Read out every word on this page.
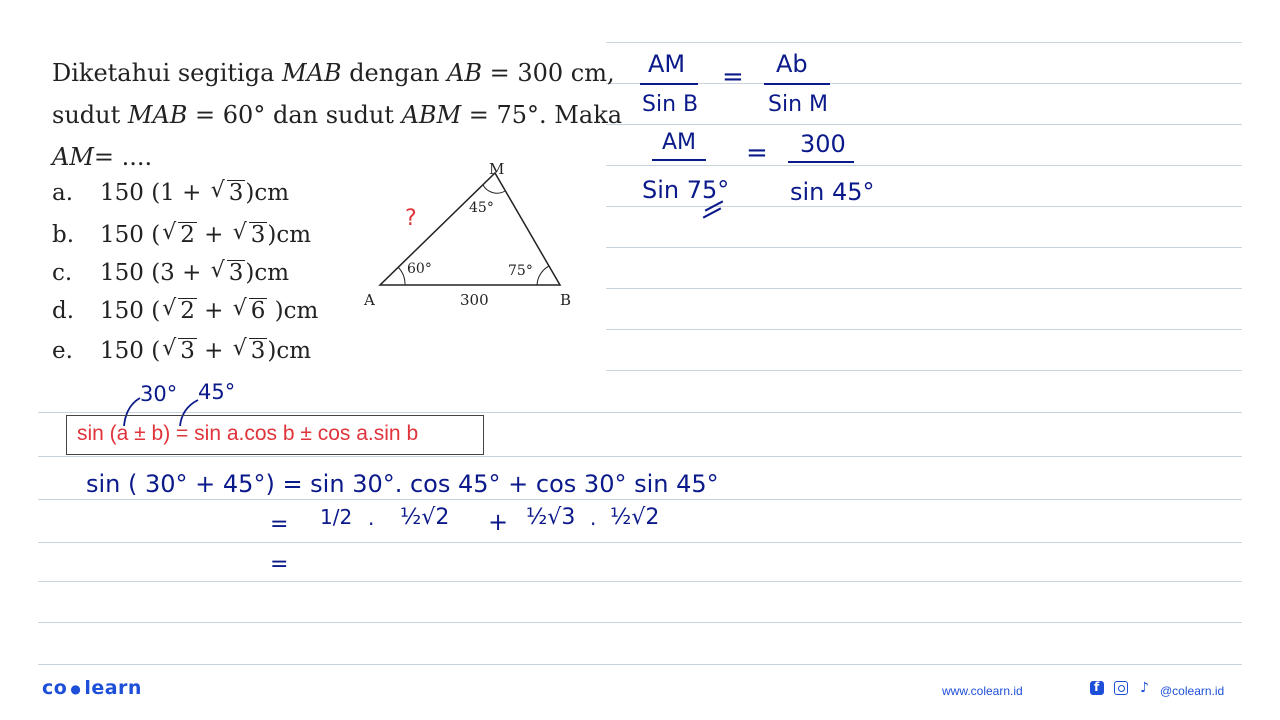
Diketahui segitiga MAB dengan AB = 300 cm,
sudut MAB = 60° dan sudut ABM = 75°. Maka
AM= ....
a. 150 (1 + √ 3)cm
b. 150 ( √ 2 + √ 3)cm
c. 150 (3 + √ 3)cm
d. 150 ( √ 2 + √ 6 )cm
e. 150 ( √ 3 + √ 3)cm
A	B
M
60°	75°
45°
300
?
AM
Sin B
= Ab
Sin M
AM
Sin 75°
= 300
sin 45°
30° 45°
sin (a ± b) = sin a.cos b ± cos a.sin b
sin ( 30° + 45°) = sin 30°. cos 45° + cos 30° sin 45°
= 1/2 · ½√2 + ½√3 · ½√2
=
co ● learn	www.colearn.id	f	♪ @colearn.id
